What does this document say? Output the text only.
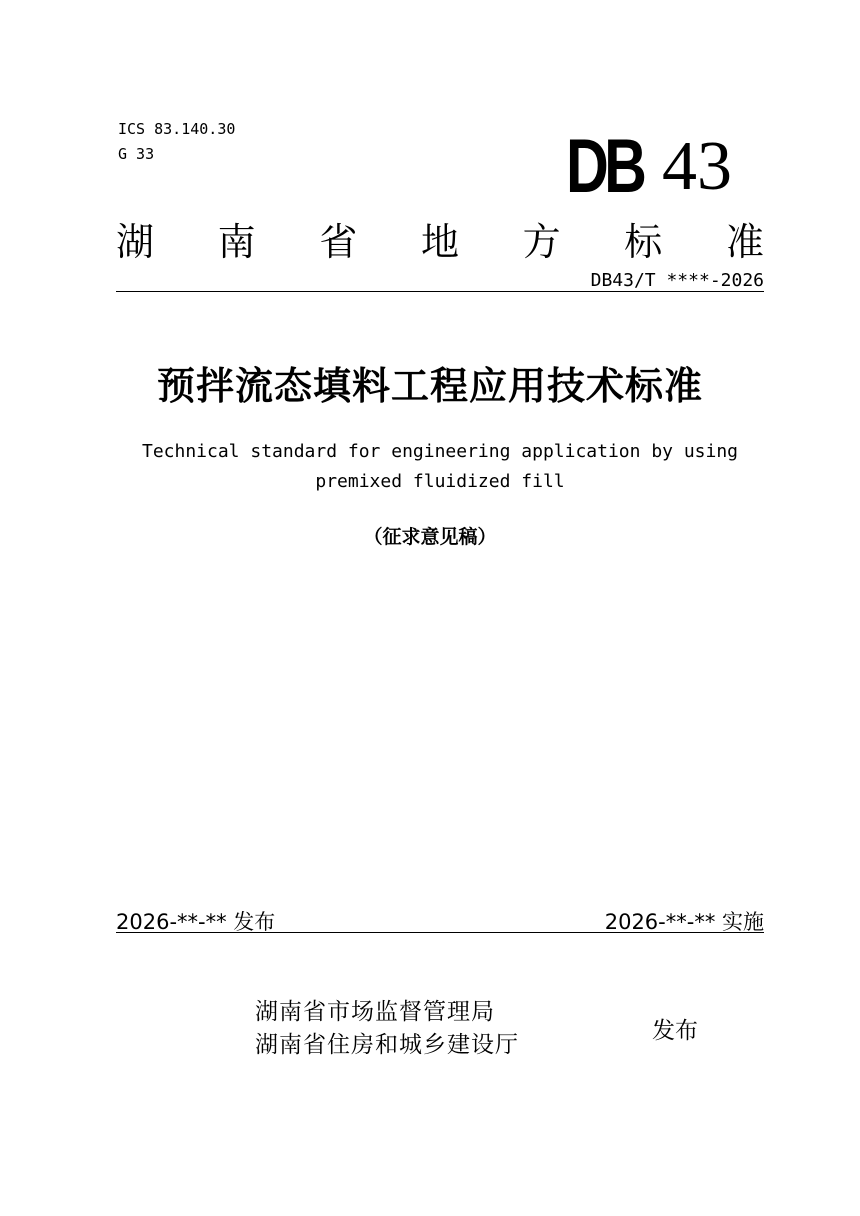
ICS 83.140.30
G 33	DB 43
湖 南 省 地 方 标 准
DB43/T ****-2026
预拌流态填料工程应用技术标准
Technical standard for engineering application by using
premixed fluidized fill
（征求意见稿）
2026-**-** 发布	2026-**-** 实施
湖南省市场监督管理局
湖南省住房和城乡建设厅
发布
